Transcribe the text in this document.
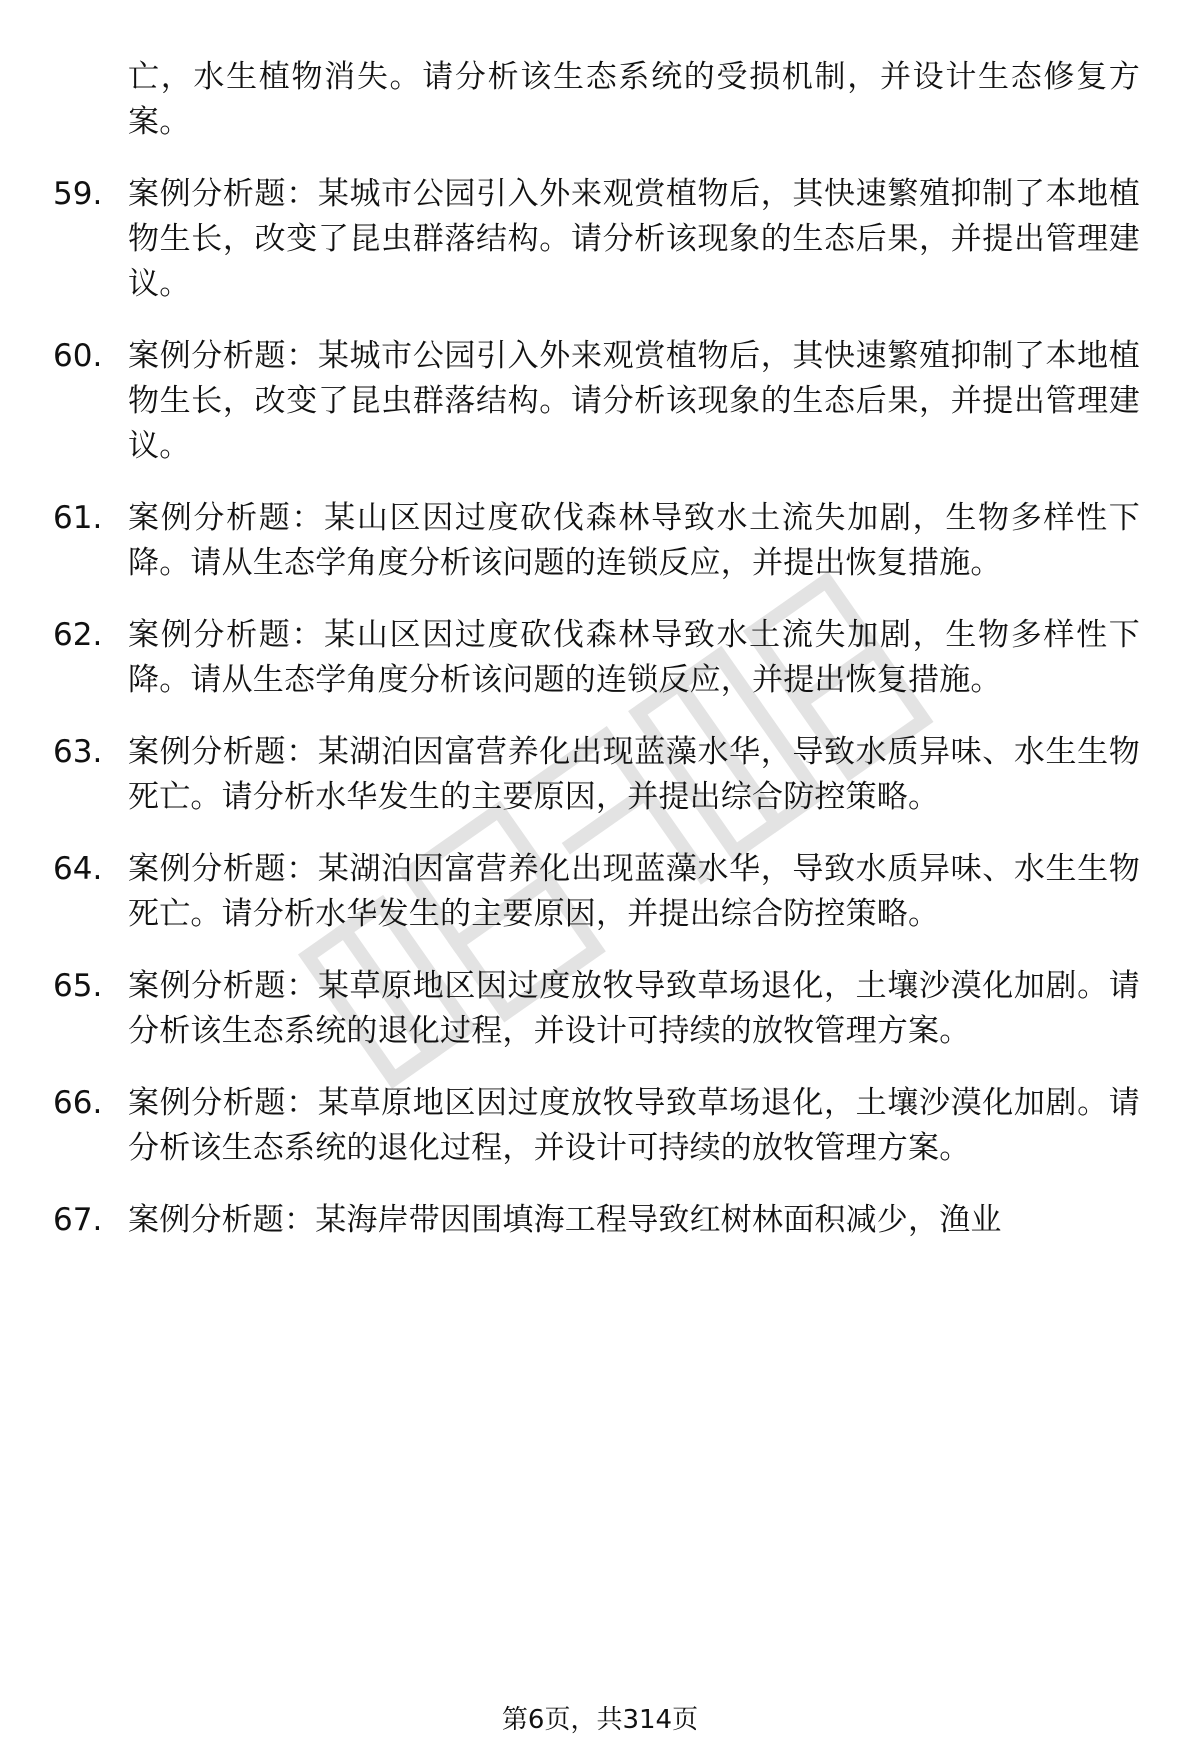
亡，水生植物消失。请分析该生态系统的受损机制，并设计生态修复方案。
59. 案例分析题：某城市公园引入外来观赏植物后，其快速繁殖抑制了本地植物生长，改变了昆虫群落结构。请分析该现象的生态后果，并提出管理建议。
60. 案例分析题：某城市公园引入外来观赏植物后，其快速繁殖抑制了本地植物生长，改变了昆虫群落结构。请分析该现象的生态后果，并提出管理建议。
61. 案例分析题：某山区因过度砍伐森林导致水土流失加剧，生物多样性下降。请从生态学角度分析该问题的连锁反应，并提出恢复措施。
62. 案例分析题：某山区因过度砍伐森林导致水土流失加剧，生物多样性下降。请从生态学角度分析该问题的连锁反应，并提出恢复措施。
63. 案例分析题：某湖泊因富营养化出现蓝藻水华，导致水质异味、水生生物死亡。请分析水华发生的主要原因，并提出综合防控策略。
64. 案例分析题：某湖泊因富营养化出现蓝藻水华，导致水质异味、水生生物死亡。请分析水华发生的主要原因，并提出综合防控策略。
65. 案例分析题：某草原地区因过度放牧导致草场退化，土壤沙漠化加剧。请分析该生态系统的退化过程，并设计可持续的放牧管理方案。
66. 案例分析题：某草原地区因过度放牧导致草场退化，土壤沙漠化加剧。请分析该生态系统的退化过程，并设计可持续的放牧管理方案。
67. 案例分析题：某海岸带因围填海工程导致红树林面积减少，渔业
第6页，共314页
